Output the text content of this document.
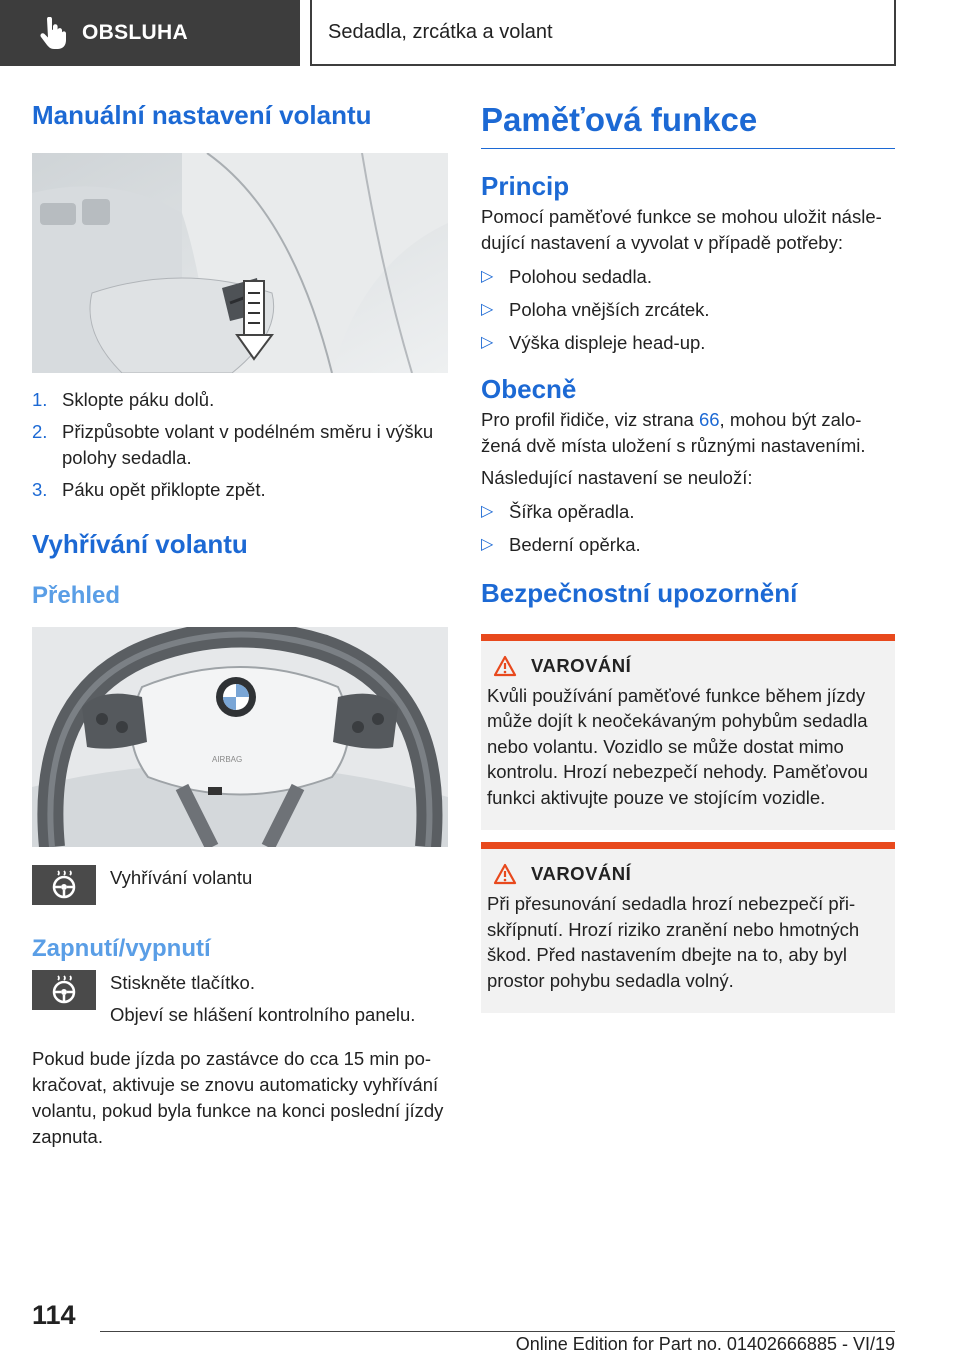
OBSLUHA	Sedadla, zrcátka a volant
Manuální nastavení volantu
1. Sklopte páku dolů.
2. Přizpůsobte volant v podélném směru i výšku polohy sedadla.
3. Páku opět přiklopte zpět.
Vyhřívání volantu
Přehled
AIRBAG

Vyhřívání volantu

Zapnutí/vypnutí

Stiskněte tlačítko.

Objeví se hlášení kontrolního panelu.

Pokud bude jízda po zastávce do cca 15 min pokračovat, aktivuje se znovu automaticky vyhřívání volantu, pokud byla funkce na konci poslední jízdy zapnuta.

Paměťová funkce
Princip

Pomocí paměťové funkce se mohou uložit následující nastavení a vyvolat v případě potřeby:

▷ Polohou sedadla.
▷ Poloha vnějších zrcátek.
▷ Výška displeje head-up.
Obecně

Pro profil řidiče, viz strana 66, mohou být založená dvě místa uložení s různými nastaveními.

Následující nastavení se neuloží:

▷ Šířka opěradla.
▷ Bederní opěrka.
Bezpečnostní upozornění
VAROVÁNÍ

Kvůli používání paměťové funkce během jízdy může dojít k neočekávaným pohybům sedadla nebo volantu. Vozidlo se může dostat mimo kontrolu. Hrozí nebezpečí nehody. Paměťovou funkci aktivujte pouze ve stojícím vozidle.

VAROVÁNÍ

Při přesunování sedadla hrozí nebezpečí přiskřípnutí. Hrozí riziko zranění nebo hmotných škod. Před nastavením dbejte na to, aby byl prostor pohybu sedadla volný.

114
Online Edition for Part no. 01402666885 - VI/19
